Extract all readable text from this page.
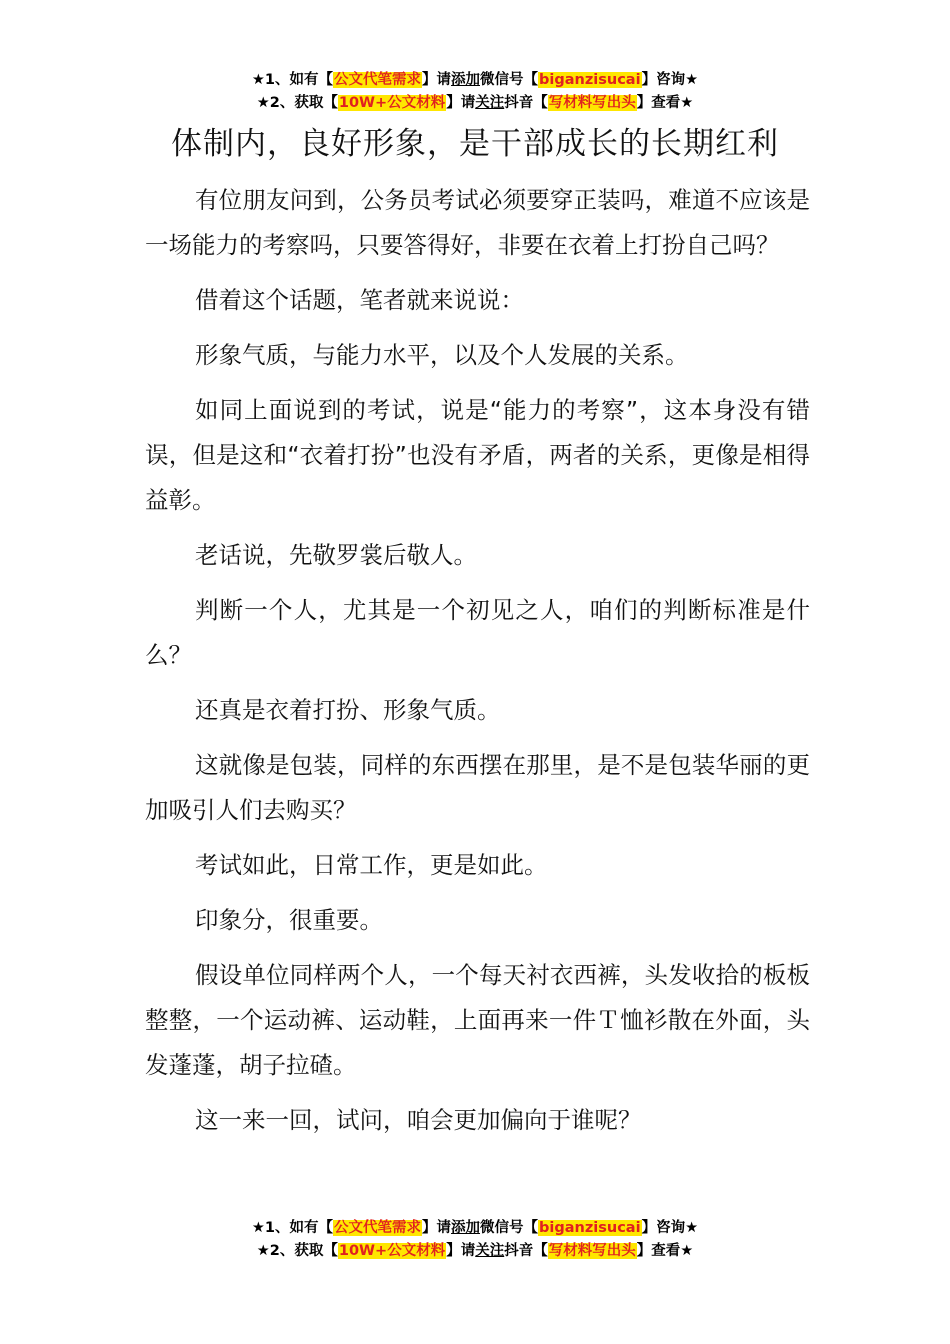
★1、如有【公文代笔需求】请添加微信号【biganzisucai】咨询★
★2、获取【10W+公文材料】请关注抖音【写材料写出头】查看★
体制内，良好形象，是干部成长的长期红利

有位朋友问到，公务员考试必须要穿正装吗，难道不应该是一场能力的考察吗，只要答得好，非要在衣着上打扮自己吗？

借着这个话题，笔者就来说说：

形象气质，与能力水平，以及个人发展的关系。

如同上面说到的考试，说是“能力的考察”，这本身没有错误，但是这和“衣着打扮”也没有矛盾，两者的关系，更像是相得益彰。

老话说，先敬罗裳后敬人。

判断一个人，尤其是一个初见之人，咱们的判断标准是什么？

还真是衣着打扮、形象气质。

这就像是包装，同样的东西摆在那里，是不是包装华丽的更加吸引人们去购买？

考试如此，日常工作，更是如此。

印象分，很重要。

假设单位同样两个人，一个每天衬衣西裤，头发收拾的板板整整，一个运动裤、运动鞋，上面再来一件Ｔ恤衫散在外面，头发蓬蓬，胡子拉碴。

这一来一回，试问，咱会更加偏向于谁呢？

★1、如有【公文代笔需求】请添加微信号【biganzisucai】咨询★
★2、获取【10W+公文材料】请关注抖音【写材料写出头】查看★
